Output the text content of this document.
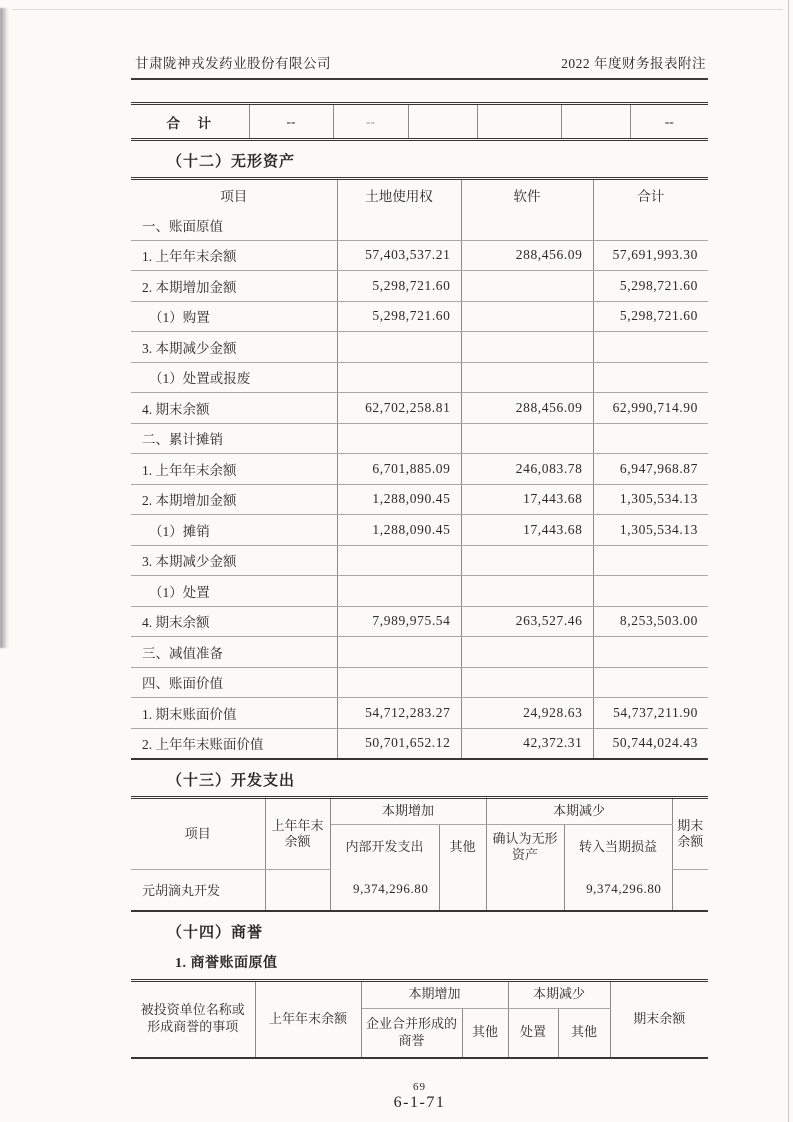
甘肃陇神戎发药业股份有限公司	2022 年度财务报表附注
合　计	--	--				--
（十二）无形资产
项目	土地使用权	软件	合计
一、账面原值			
1. 上年年末余额	57,403,537.21	288,456.09	57,691,993.30
2. 本期增加金额	5,298,721.60		5,298,721.60
（1）购置	5,298,721.60		5,298,721.60
3. 本期减少金额			
（1）处置或报废			
4. 期末余额	62,702,258.81	288,456.09	62,990,714.90
二、累计摊销			
1. 上年年末余额	6,701,885.09	246,083.78	6,947,968.87
2. 本期增加金额	1,288,090.45	17,443.68	1,305,534.13
（1）摊销	1,288,090.45	17,443.68	1,305,534.13
3. 本期减少金额			
（1）处置			
4. 期末余额	7,989,975.54	263,527.46	8,253,503.00
三、减值准备			
四、账面价值			
1. 期末账面价值	54,712,283.27	24,928.63	54,737,211.90
2. 上年年末账面价值	50,701,652.12	42,372.31	50,744,024.43
（十三）开发支出
项目	上年年末余额	本期增加		本期减少		期末余额
		内部开发支出	其他	确认为无形资产	转入当期损益	
元胡滴丸开发		9,374,296.80			9,374,296.80	
（十四）商誉
1. 商誉账面原值
被投资单位名称或形成商誉的事项	上年年末余额	本期增加		本期减少		期末余额
		企业合并形成的商誉	其他	处置	其他	
69
6-1-71
